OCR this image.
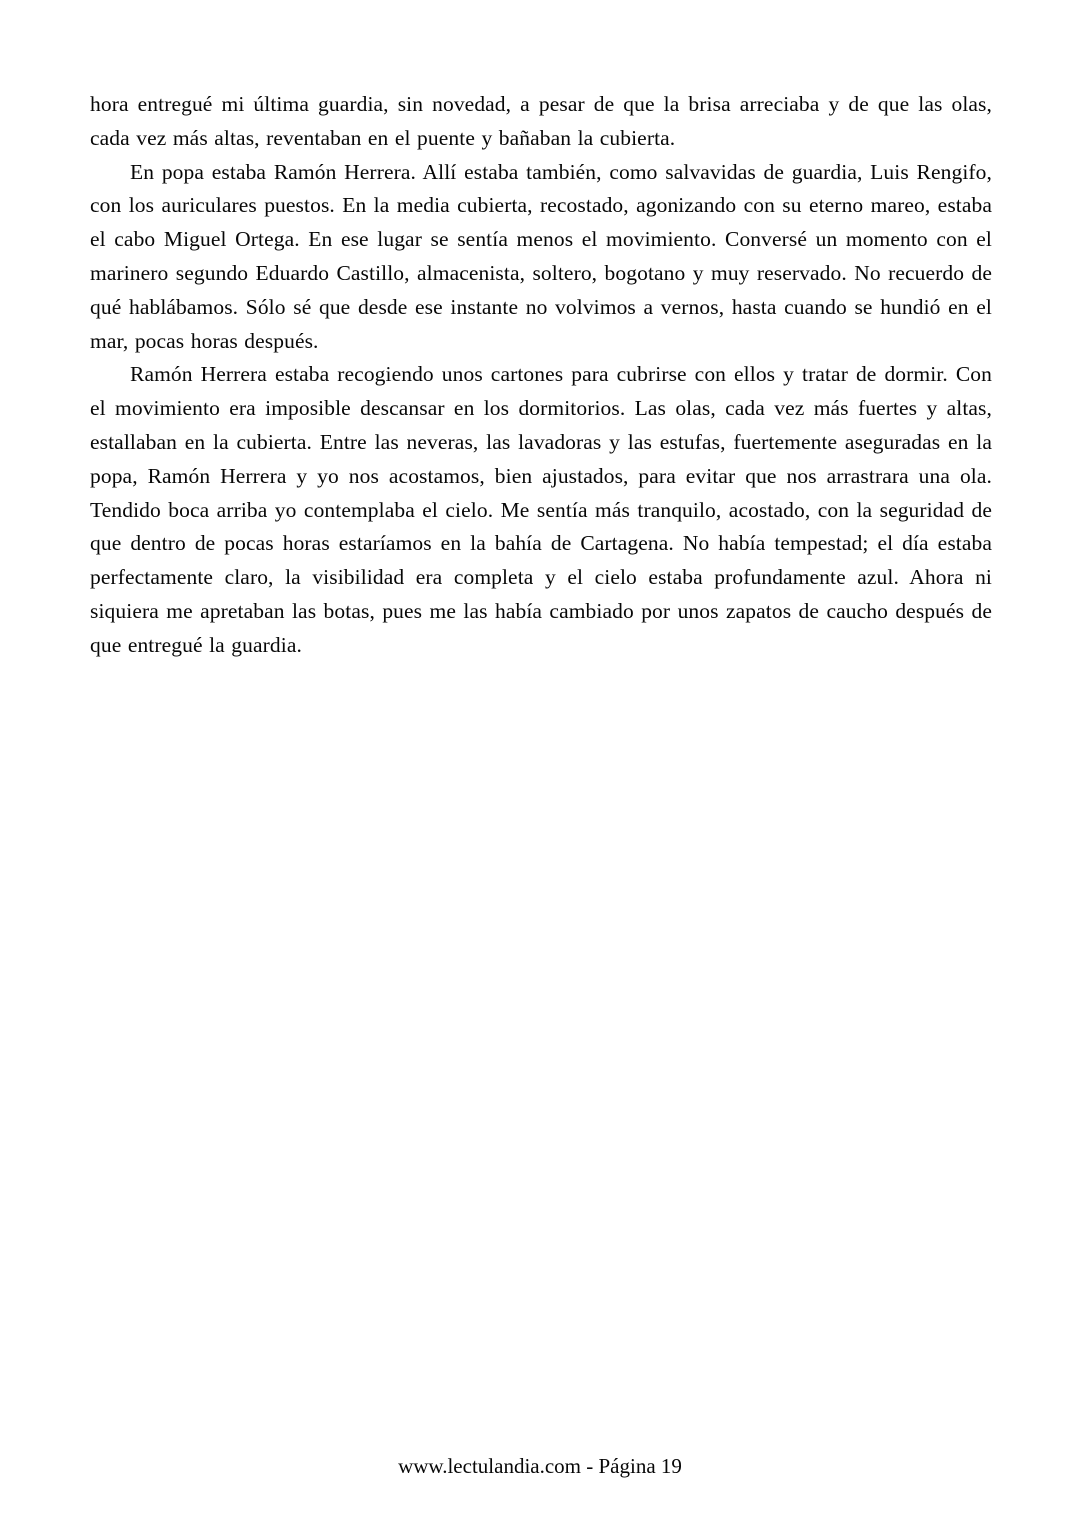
hora entregué mi última guardia, sin novedad, a pesar de que la brisa arreciaba y de que las olas, cada vez más altas, reventaban en el puente y bañaban la cubierta.

En popa estaba Ramón Herrera. Allí estaba también, como salvavidas de guardia, Luis Rengifo, con los auriculares puestos. En la media cubierta, recostado, agonizando con su eterno mareo, estaba el cabo Miguel Ortega. En ese lugar se sentía menos el movimiento. Conversé un momento con el marinero segundo Eduardo Castillo, almacenista, soltero, bogotano y muy reservado. No recuerdo de qué hablábamos. Sólo sé que desde ese instante no volvimos a vernos, hasta cuando se hundió en el mar, pocas horas después.

Ramón Herrera estaba recogiendo unos cartones para cubrirse con ellos y tratar de dormir. Con el movimiento era imposible descansar en los dormitorios. Las olas, cada vez más fuertes y altas, estallaban en la cubierta. Entre las neveras, las lavadoras y las estufas, fuertemente aseguradas en la popa, Ramón Herrera y yo nos acostamos, bien ajustados, para evitar que nos arrastrara una ola. Tendido boca arriba yo contemplaba el cielo. Me sentía más tranquilo, acostado, con la seguridad de que dentro de pocas horas estaríamos en la bahía de Cartagena. No había tempestad; el día estaba perfectamente claro, la visibilidad era completa y el cielo estaba profundamente azul. Ahora ni siquiera me apretaban las botas, pues me las había cambiado por unos zapatos de caucho después de que entregué la guardia.

www.lectulandia.com - Página 19
